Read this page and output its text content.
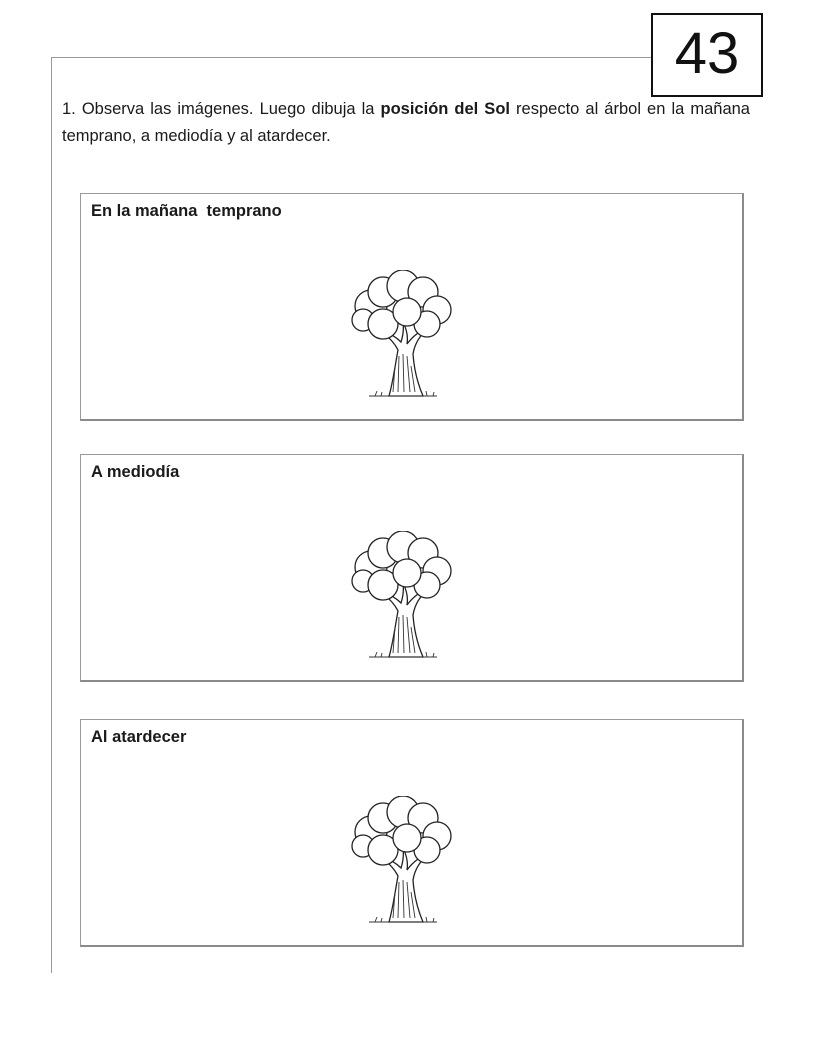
43

1. Observa las imágenes. Luego dibuja la posición del Sol respecto al árbol en la mañana temprano, a mediodía y al atardecer.

En la mañana  temprano
A mediodía
Al atardecer
